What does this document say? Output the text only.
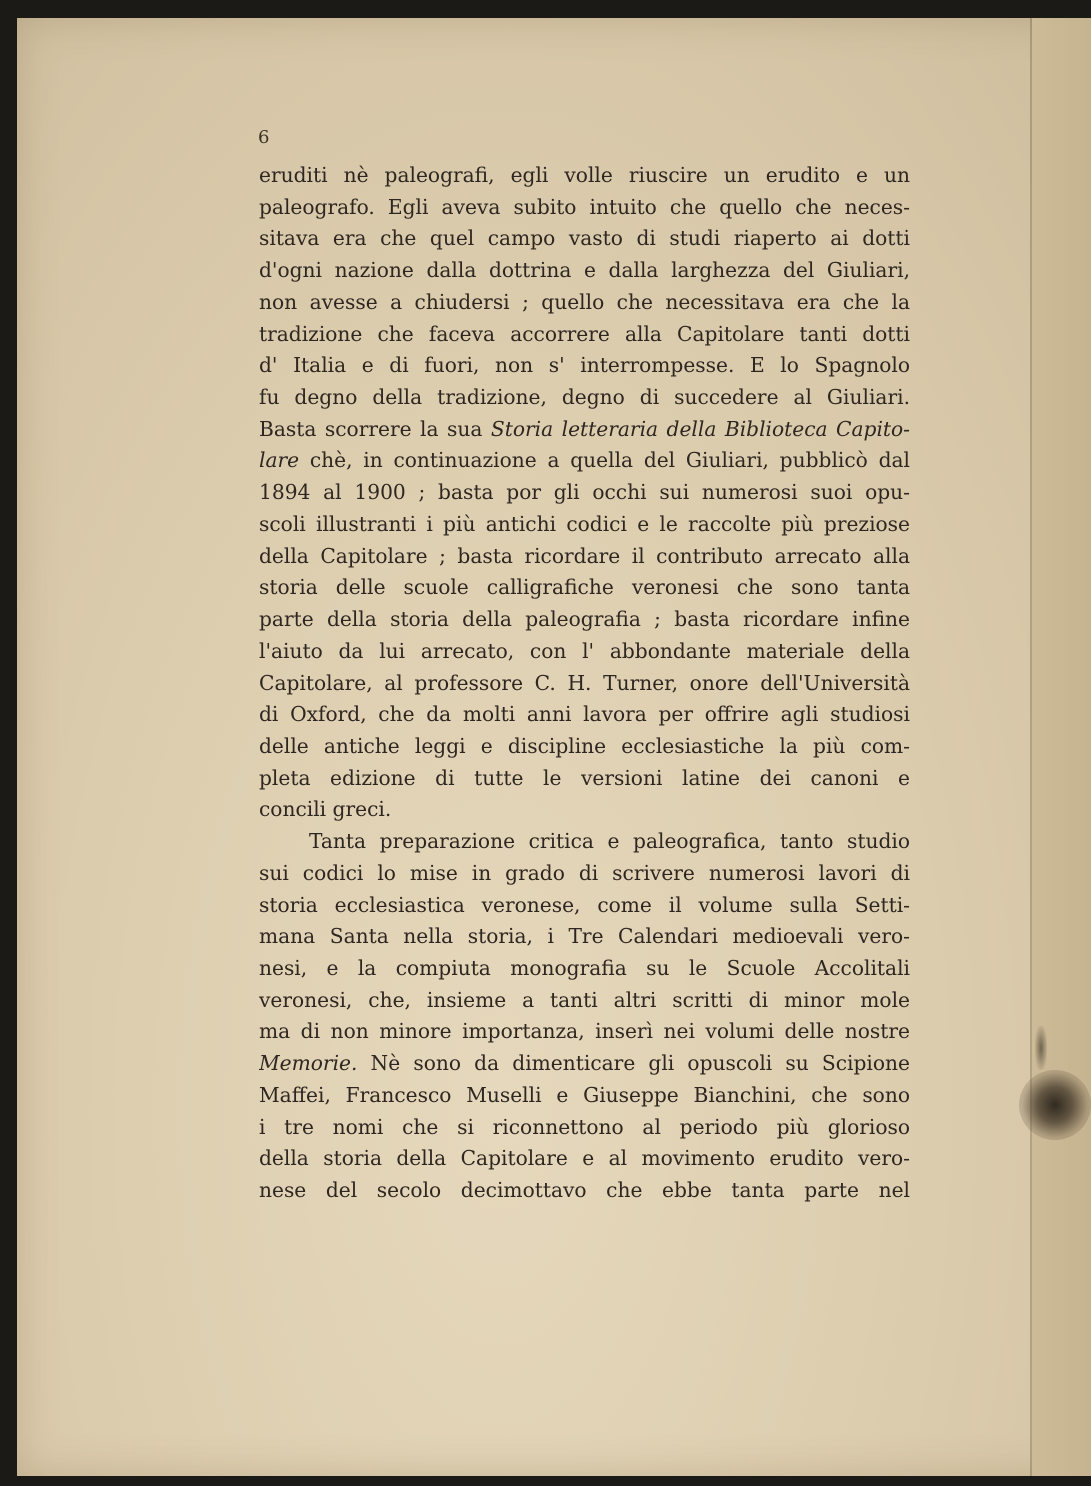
6

eruditi nè paleografi, egli volle riuscire un erudito e un
paleografo. Egli aveva subito intuito che quello che neces-
sitava era che quel campo vasto di studi riaperto ai dotti
d'ogni nazione dalla dottrina e dalla larghezza del Giuliari,
non avesse a chiudersi ; quello che necessitava era che la
tradizione che faceva accorrere alla Capitolare tanti dotti
d' Italia e di fuori, non s' interrompesse. E lo Spagnolo
fu degno della tradizione, degno di succedere al Giuliari.
Basta scorrere la sua Storia letteraria della Biblioteca Capito-
lare chè, in continuazione a quella del Giuliari, pubblicò dal
1894 al 1900 ; basta por gli occhi sui numerosi suoi opu-
scoli illustranti i più antichi codici e le raccolte più preziose
della Capitolare ; basta ricordare il contributo arrecato alla
storia delle scuole calligrafiche veronesi che sono tanta
parte della storia della paleografia ; basta ricordare infine
l'aiuto da lui arrecato, con l' abbondante materiale della
Capitolare, al professore C. H. Turner, onore dell'Università
di Oxford, che da molti anni lavora per offrire agli studiosi
delle antiche leggi e discipline ecclesiastiche la più com-
pleta edizione di tutte le versioni latine dei canoni e
concili greci.
Tanta preparazione critica e paleografica, tanto studio
sui codici lo mise in grado di scrivere numerosi lavori di
storia ecclesiastica veronese, come il volume sulla Setti-
mana Santa nella storia, i Tre Calendari medioevali vero-
nesi, e la compiuta monografia su le Scuole Accolitali
veronesi, che, insieme a tanti altri scritti di minor mole
ma di non minore importanza, inserì nei volumi delle nostre
Memorie. Nè sono da dimenticare gli opuscoli su Scipione
Maffei, Francesco Muselli e Giuseppe Bianchini, che sono
i tre nomi che si riconnettono al periodo più glorioso
della storia della Capitolare e al movimento erudito vero-
nese del secolo decimottavo che ebbe tanta parte nel
